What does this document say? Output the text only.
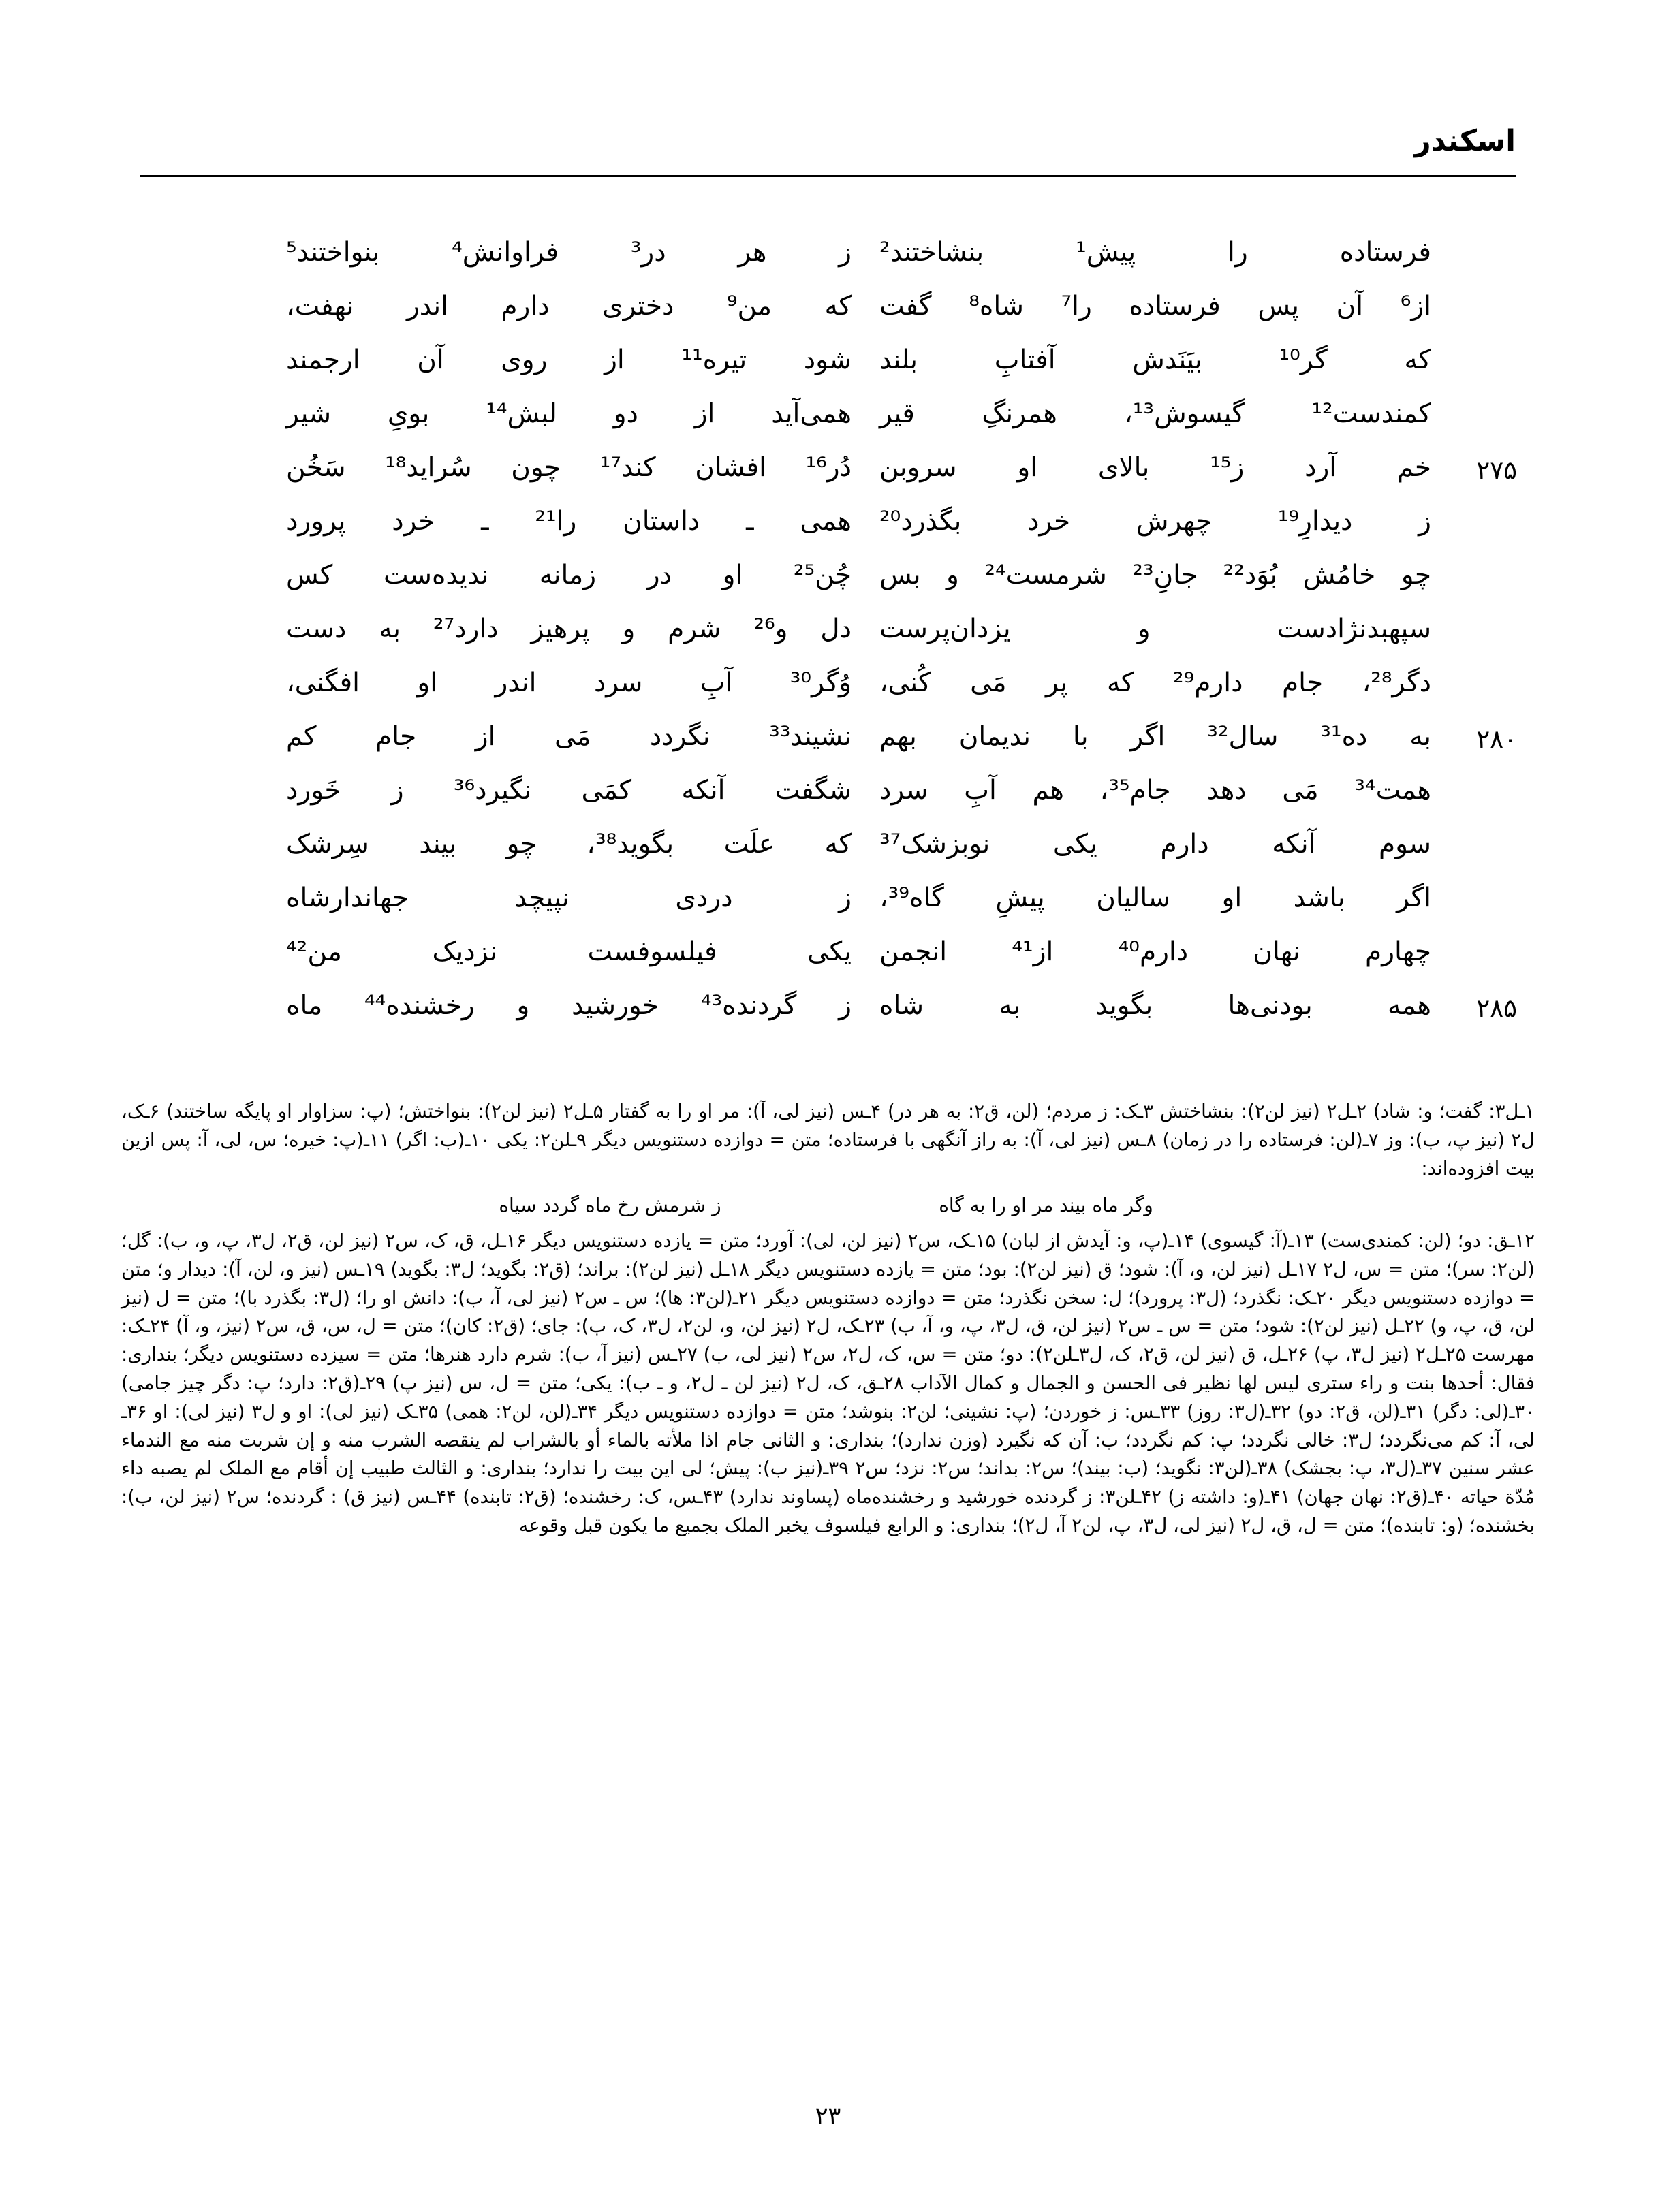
اسکندر
فرستاده
را
پیش¹
بنشاختند²
ز
هر
در³
فراوانش⁴
بنواختند⁵
از⁶
آن
پس
فرستاده
را⁷
شاه⁸
گفت
که
من⁹
دختری
دارم
اندر
نهفت،
که
گر¹⁰
بیَنَدش
آفتابِ
بلند
شود
تیره¹¹
از
روی
آن
ارجمند
کمندست¹²
گیسوش¹³،
همرنگِ
قیر
همی‌آید
از
دو
لبش¹⁴
بویِ
شیر
۲۷۵
خم
آرد
ز¹⁵
بالای
او
سروبن
دُر¹⁶
افشان
کند¹⁷
چون
سُراید¹⁸
سَخُن
ز
دیدارِ¹⁹
چهرش
خرد
بگذرد²⁰
همی
ـ
داستان
را²¹
ـ
خرد
پرورد
چو
خامُش
بُوَد²²
جانِ²³
شرمست²⁴
و
بس
چُن²⁵
او
در
زمانه
ندیده‌ست
کس
سپهبدنژادست
و
یزدان‌پرست
دل
و²⁶
شرم
و
پرهیز
دارد²⁷
به
دست
دگر²⁸،
جام
دارم²⁹
که
پر
مَی
کُنی،
وُگر³⁰
آبِ
سرد
اندر
او
افگنی،
۲۸۰
به
ده³¹
سال³²
اگر
با
ندیمان
بهم
نشیند³³
نگردد
مَی
از
جام
کم
همت³⁴
مَی
دهد
جام³⁵،
هم
آبِ
سرد
شگفت
آنکه
کمَی
نگیرد³⁶
ز
خَورد
سوم
آنکه
دارم
یکی
نوبزشک³⁷
که
علَت
بگوید³⁸،
چو
بیند
سِرشک
اگر
باشد
او
سالیان
پیشِ
گاه³⁹،
ز
دردی
نپیچد
جهاندارشاه
چهارم
نهان
دارم⁴⁰
از⁴¹
انجمن
یکی
فیلسوفست
نزدیک
من⁴²
۲۸۵
همه
بودنی‌ها
بگوید
به
شاه
ز
گردنده⁴³
خورشید
و
رخشنده⁴⁴
ماه
۱ـل۳: گفت؛ و: شاد) ۲ـل۲ (نیز لن۲)‌: بنشاختش ۳ـک: ز مردم؛ (لن، ق۲: به هر در) ۴ـس (نیز لی، آ): مر او را به گفتار ۵ـل۲ (نیز لن۲)‌: بنواختش؛ (پ: سزاوار او پایگه ساختند) ۶ـک، ل۲ (نیز پ، ب): وز ۷ـ(لن: فرستاده را در زمان) ۸ـس (نیز لی، آ): به راز آنگهی با فرستاده؛ متن = دوازده دستنویس دیگر ۹ـلن۲: یکی ۱۰ـ(ب: اگر) ۱۱ـ(پ: خیره؛ س، لی، آ: پس ازین بیت افزوده‌اند:
وگر ماه بیند مر او را به گاهز شرمش رخ ماه گردد سیاه
۱۲ـق: دو؛ (لن: کمندی‌ست) ۱۳ـ(آ: گیسوی) ۱۴ـ(پ، و: آیدش از لبان) ۱۵ـک، س۲ (نیز لن، لی): آورد؛ متن = یازده دستنویس دیگر ۱۶ـل، ق، ک، س۲ (نیز لن، ق۲، ل۳، پ، و، ب): گل؛ (لن۲: سر)؛ متن = س، ل۲ ۱۷ـل (نیز لن، و، آ)‌: شود؛ ق (نیز لن۲)‌: بود؛ متن = یازده دستنویس دیگر ۱۸ـل (نیز لن۲)‌: براند؛ (ق۲: بگوید؛ ل۳: بگوید) ۱۹ـس (نیز و، لن، آ): دیدار و؛ متن = دوازده دستنویس دیگر ۲۰ـک: نگذرد؛ (ل۳: پرورد)؛ ل: سخن نگذرد؛ متن = دوازده دستنویس دیگر ۲۱ـ(لن۳: ها)؛ س ـ س۲ (نیز لی، آ، ب): دانش او را؛ (ل۳: بگذرد با)؛ متن = ل (نیز لن، ق، پ، و) ۲۲ـل (نیز لن۲)‌: شود؛ متن = س ـ س۲ (نیز لن، ق، ل۳، پ، و، آ، ب) ۲۳ـک، ل۲ (نیز لن، و، لن۲، ل۳، ک، ب): جای؛ (ق۲: کان)؛ متن = ل، س، ق، س۲ (نیز، و، آ) ۲۴ـک: مهرست ۲۵ـل۲ (نیز ل۳، پ) ۲۶ـل، ق (نیز لن، ق۲، ک، ل۳ـلن۲)‌: دو؛ متن = س، ک، ل۲، س۲ (نیز لی، ب) ۲۷ـس (نیز آ، ب)‌: شرم دارد هنرها؛ متن = سیزده دستنویس دیگر؛ بنداری: فقال: أحدها بنت و راء ستری لیس لها نظیر فی الحسن و الجمال و کمال الآداب ۲۸ـق، ک، ل۲ (نیز لن ـ ل۲، و ـ ب): یکی؛ متن = ل، س (نیز پ) ۲۹ـ(ق۲: دارد؛ پ: دگر چیز جامی) ۳۰ـ(لی: دگر) ۳۱ـ(لن، ق۲: دو) ۳۲ـ(ل۳: روز) ۳۳ـس: ز خوردن؛ (پ: نشینی؛ لن۲: بنوشد؛ متن = دوازده دستنویس دیگر ۳۴ـ(لن، لن۲: همی) ۳۵ـک (نیز لی): او و ل۳ (نیز لی): او ۳۶ـ لی، آ: کم می‌نگردد؛ ل۳: خالی نگردد؛ پ: کم نگردد؛ ب: آن که نگیرد (وزن ندارد)؛ بنداری: و الثانی جام اذا ملأته بالماء أو بالشراب لم ینقصه الشرب منه و إن شربت منه مع الندماء عشر سنین ۳۷ـ(ل۳، پ: بجشک) ۳۸ـ(لن۳: نگوید؛ (ب: بیند)؛ س۲: بداند؛ س۲: نزد؛ س۲ ۳۹ـ(نیز ب): پیش؛ لی این بیت را ندارد؛ بنداری: و الثالث طبیب إن أقام مع الملک لم یصبه داء مُدّة حیاته ۴۰ـ(ق۲: نهان جهان) ۴۱ـ(و: داشته ز) ۴۲ـلن۳: ز گردنده خورشید و رخشنده‌ماه (پساوند ندارد) ۴۳ـس، ک: رخشنده؛ (ق۲: تابنده) ۴۴ـس (نیز ق) : گردنده؛ س۲ (نیز لن، ب): بخشنده؛ (و: تابنده)؛ متن = ل، ق، ل۲ (نیز لی، ل۳، پ، لن۲ آ، ل۲)؛ بنداری: و الرابع فیلسوف یخبر الملک بجمیع ما یکون قبل وقوعه
۲۳
